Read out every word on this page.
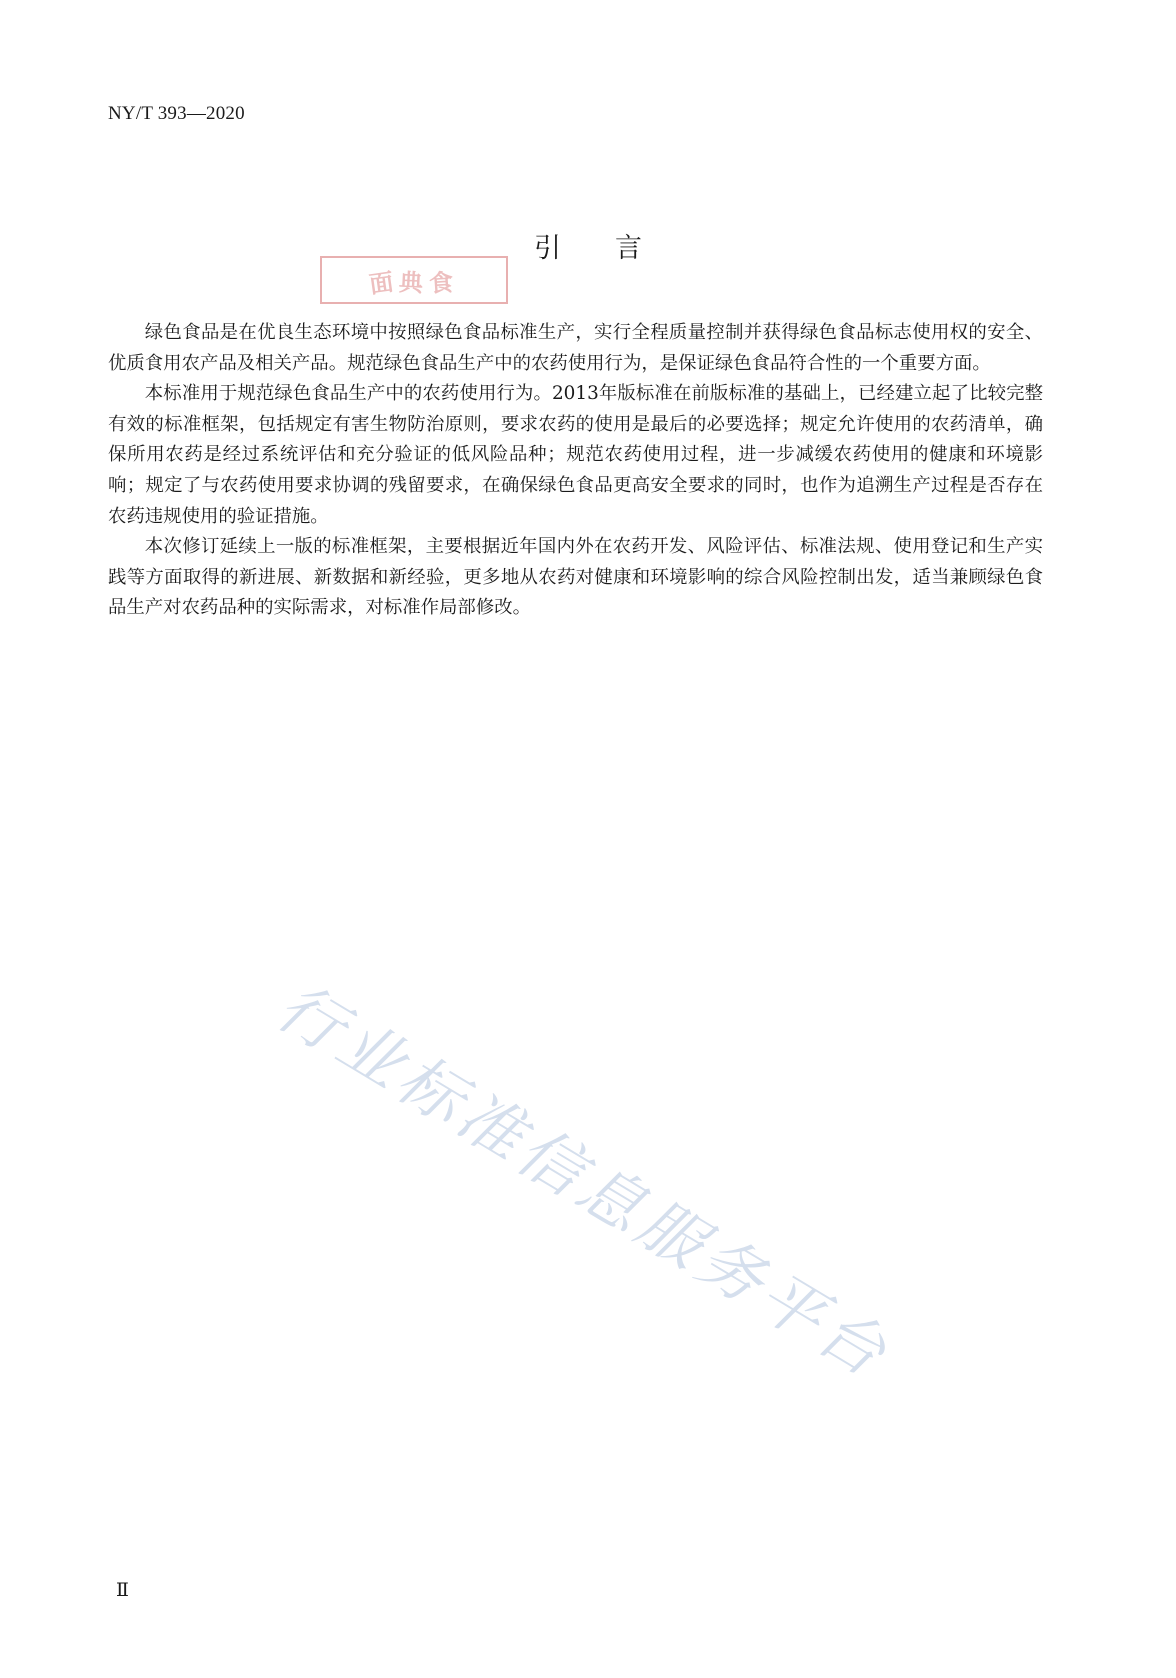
NY/T 393—2020
引言
面
典
食

绿色食品是在优良生态环境中按照绿色食品标准生产，实行全程质量控制并获得绿色食品标志使用权的安全、优质食用农产品及相关产品。规范绿色食品生产中的农药使用行为，是保证绿色食品符合性的一个重要方面。

本标准用于规范绿色食品生产中的农药使用行为。2013年版标准在前版标准的基础上，已经建立起了比较完整有效的标准框架，包括规定有害生物防治原则，要求农药的使用是最后的必要选择；规定允许使用的农药清单，确保所用农药是经过系统评估和充分验证的低风险品种；规范农药使用过程，进一步减缓农药使用的健康和环境影响；规定了与农药使用要求协调的残留要求，在确保绿色食品更高安全要求的同时，也作为追溯生产过程是否存在农药违规使用的验证措施。

本次修订延续上一版的标准框架，主要根据近年国内外在农药开发、风险评估、标准法规、使用登记和生产实践等方面取得的新进展、新数据和新经验，更多地从农药对健康和环境影响的综合风险控制出发，适当兼顾绿色食品生产对农药品种的实际需求，对标准作局部修改。

行业标准信息服务平台
Ⅱ
